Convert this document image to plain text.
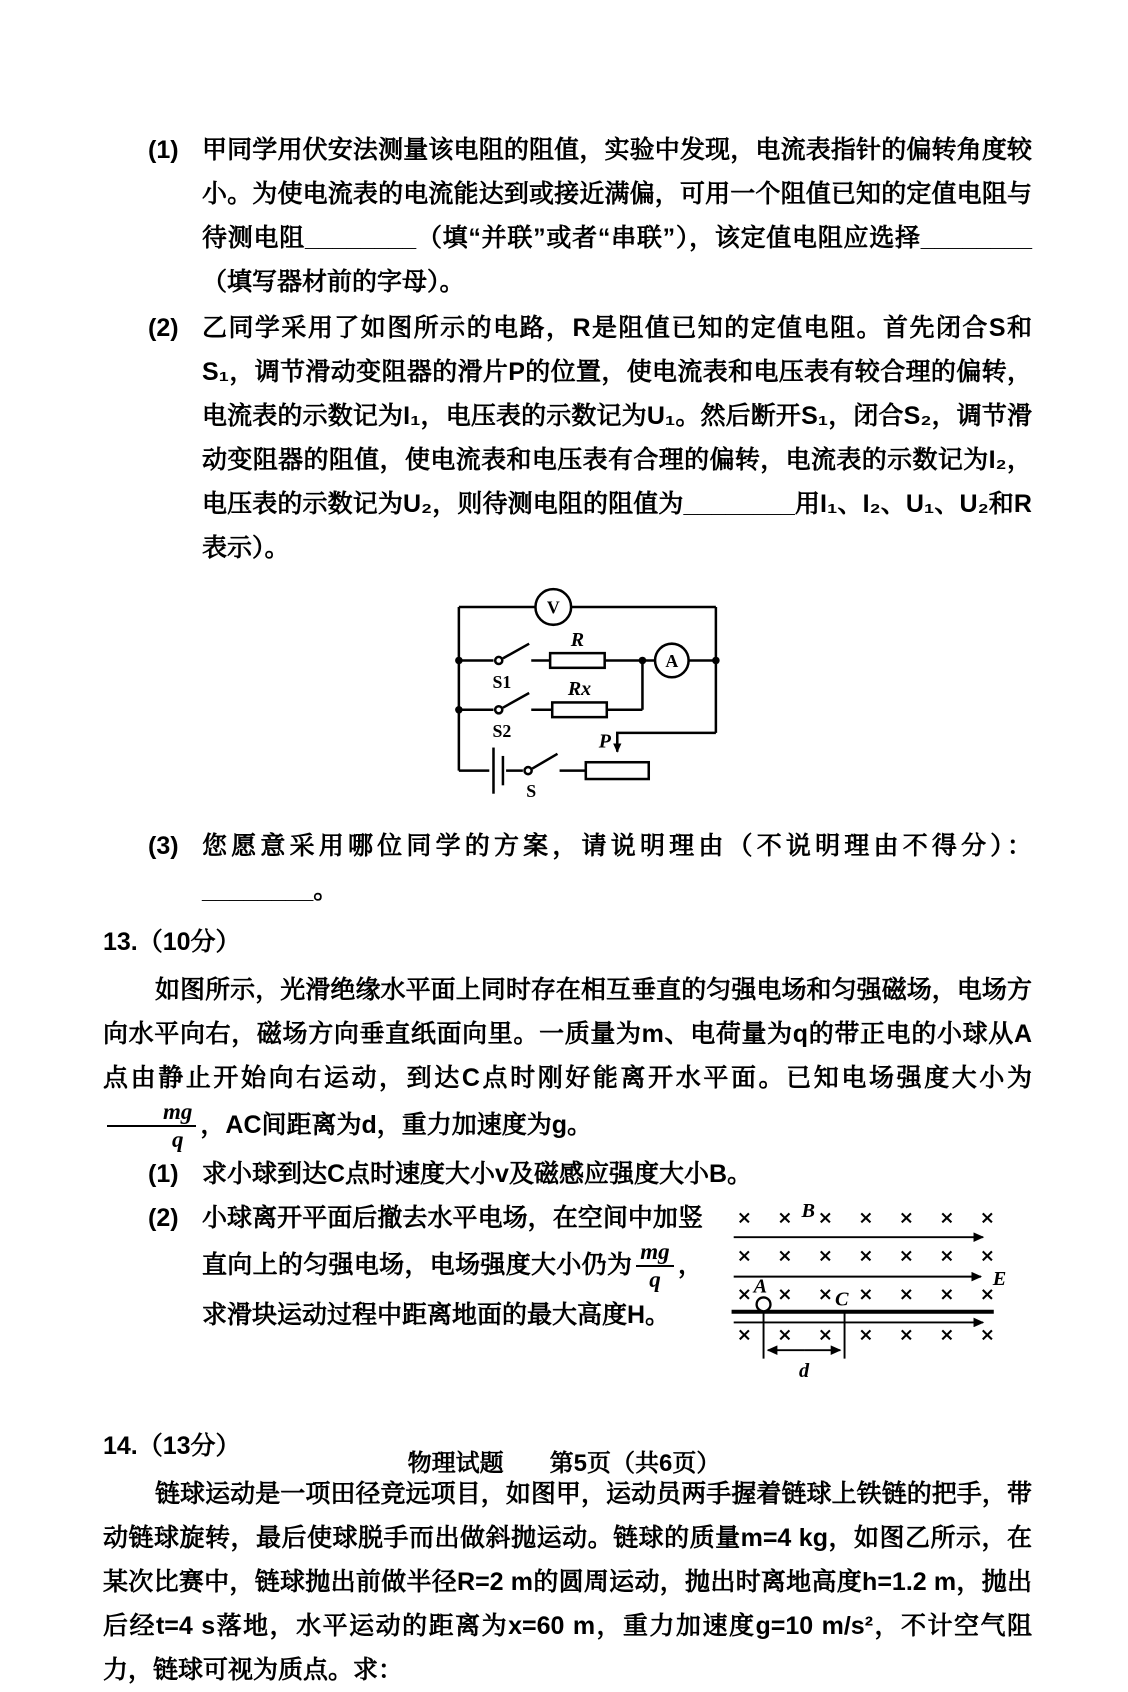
(1) 甲同学用伏安法测量该电阻的阻值，实验中发现，电流表指针的偏转角度较小。为使电流表的电流能达到或接近满偏，可用一个阻值已知的定值电阻与待测电阻________（填“并联”或者“串联”），该定值电阻应选择________（填写器材前的字母）。
(2) 乙同学采用了如图所示的电路，R是阻值已知的定值电阻。首先闭合S和S₁，调节滑动变阻器的滑片P的位置，使电流表和电压表有较合理的偏转，电流表的示数记为I₁，电压表的示数记为U₁。然后断开S₁，闭合S₂，调节滑动变阻器的阻值，使电流表和电压表有合理的偏转，电流表的示数记为I₂，电压表的示数记为U₂，则待测电阻的阻值为________用I₁、I₂、U₁、U₂和R表示）。
V
A
R
Rx
S1
S2
S
P
(3) 您愿意采用哪位同学的方案，请说明理由（不说明理由不得分）：________。
13.（10分）

如图所示，光滑绝缘水平面上同时存在相互垂直的匀强电场和匀强磁场，电场方向水平向右，磁场方向垂直纸面向里。一质量为m、电荷量为q的带正电的小球从A点由静止开始向右运动，到达C点时刚好能离开水平面。已知电场强度大小为
$\frac{mg}{q}$ ，AC间距离为d，重力加速度为g。

(1) 求小球到达C点时速度大小v及磁感应强度大小B。
(2) 小球离开平面后撤去水平电场，在空间中加竖直向上的匀强电场，电场强度大小仍为 $\frac{mg}{q}$ ，求滑块运动过程中距离地面的最大高度H。
× × × × × × ×
× × × × × × ×
× × × × × × ×
× × × × × × ×
B
E
A
C
d
14.（13分）

链球运动是一项田径竞远项目，如图甲，运动员两手握着链球上铁链的把手，带动链球旋转，最后使球脱手而出做斜抛运动。链球的质量m=4 kg，如图乙所示，在某次比赛中，链球抛出前做半径R=2 m的圆周运动，抛出时离地高度h=1.2 m，抛出后经t=4 s落地，水平运动的距离为x=60 m，重力加速度g=10 m/s²，不计空气阻力，链球可视为质点。求：

物理试题 第5页（共6页）
